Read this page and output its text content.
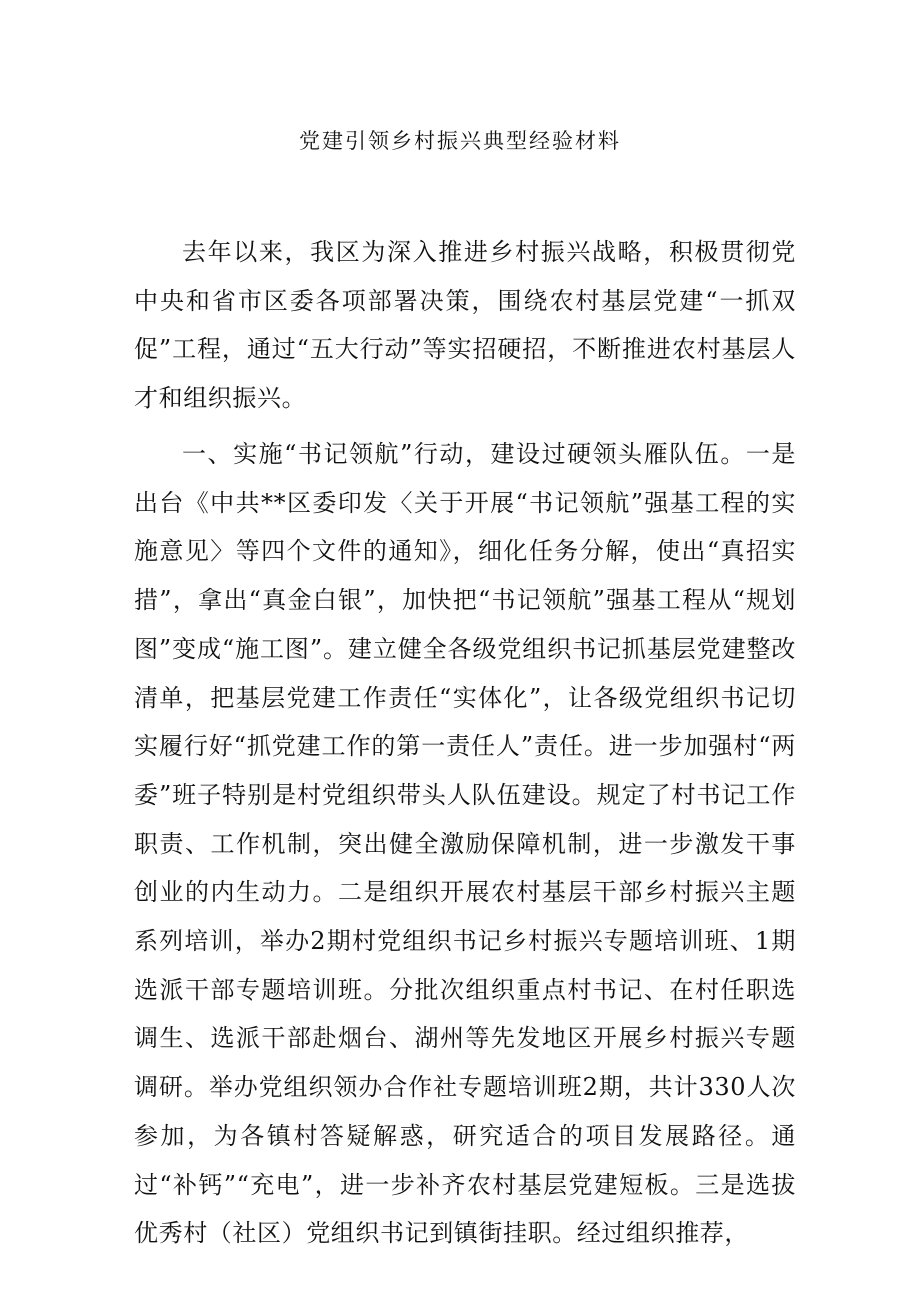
党建引领乡村振兴典型经验材料

去年以来，我区为深入推进乡村振兴战略，积极贯彻党中央和省市区委各项部署决策，围绕农村基层党建“一抓双促”工程，通过“五大行动”等实招硬招，不断推进农村基层人才和组织振兴。

一、实施“书记领航”行动，建设过硬领头雁队伍。一是出台《中共**区委印发〈关于开展“书记领航”强基工程的实施意见〉等四个文件的通知》，细化任务分解，使出“真招实措”，拿出“真金白银”，加快把“书记领航”强基工程从“规划图”变成“施工图”。建立健全各级党组织书记抓基层党建整改清单，把基层党建工作责任“实体化”，让各级党组织书记切实履行好“抓党建工作的第一责任人”责任。进一步加强村“两委”班子特别是村党组织带头人队伍建设。规定了村书记工作职责、工作机制，突出健全激励保障机制，进一步激发干事创业的内生动力。二是组织开展农村基层干部乡村振兴主题系列培训，举办2期村党组织书记乡村振兴专题培训班、1期选派干部专题培训班。分批次组织重点村书记、在村任职选调生、选派干部赴烟台、湖州等先发地区开展乡村振兴专题调研。举办党组织领办合作社专题培训班2期，共计330人次参加，为各镇村答疑解惑，研究适合的项目发展路径。通过“补钙”“充电”，进一步补齐农村基层党建短板。三是选拔优秀村（社区）党组织书记到镇街挂职。经过组织推荐，
